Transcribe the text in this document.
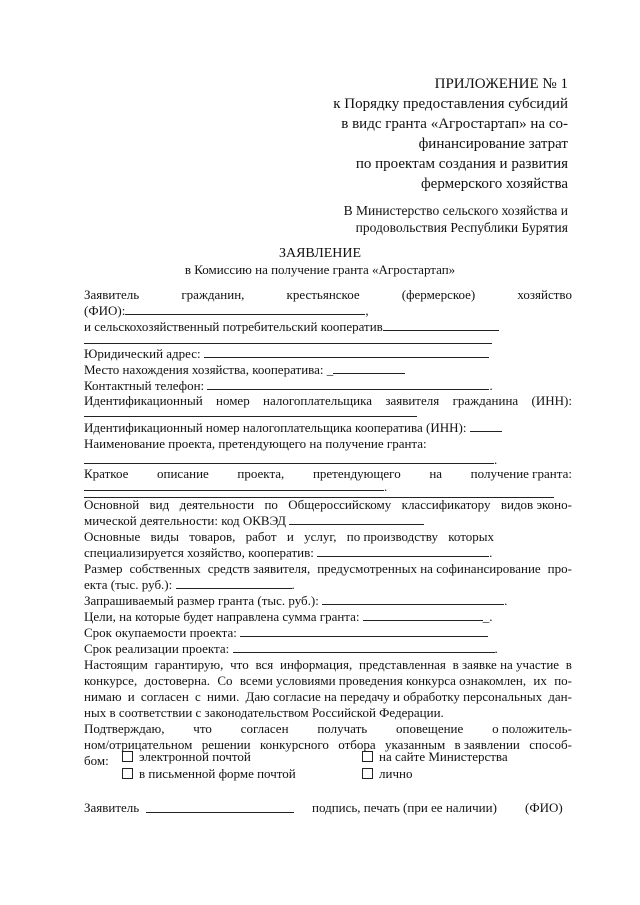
ПРИЛОЖЕНИЕ № 1
к Порядку предоставления субсидий
в видс гранта «Агростартап» на со-
финансирование затрат
по проектам создания и развития
фермерского хозяйства
В Министерство сельского хозяйства и
продовольствия Республики Бурятия
ЗАЯВЛЕНИЕ
в Комиссию на получение гранта «Агростартап»
Заявитель	гражданин,	крестьянское	(фермерское)	хозяйство
(ФИО):	,
и сельскохозяйственный потребительский кооператив
Юридический адрес:
Место нахождения хозяйства, кооператива: _
Контактный телефон:	.
Идентификационный номер налогоплательщика заявителя гражданина (ИНН):
Идентификационный номер налогоплательщика кооператива (ИНН):
Наименование проекта, претендующего на получение гранта:
.
Краткое описание проекта, претендующего на получение гранта:
.
Основной вид деятельности по Общероссийскому классификатору видов эконо-
мической деятельности: код ОКВЭД
Основные виды товаров, работ и услуг, по производству которых
специализируется хозяйство, кооператив:	.
Размер собственных средств заявителя, предусмотренных на софинансирование про-
екта (тыс. руб.):	.
Запрашиваемый размер гранта (тыс. руб.):	.
Цели, на которые будет направлена сумма гранта:	_.
Срок окупаемости проекта:
Срок реализации проекта:	.
Настоящим гарантирую, что вся информация, представленная в заявке на участие в
конкурсе, достоверна. Со всеми условиями проведения конкурса ознакомлен, их по-
нимаю и согласен с ними. Даю согласие на передачу и обработку персональных дан-
ных в соответствии с законодательством Российской Федерации.
Подтверждаю, что согласен получать оповещение о положитель-
ном/отрицательном решении конкурсного отбора указанным в заявлении способ-
бом:	электронной почтой	на сайте Министерства
в письменной форме почтой	лично
Заявитель	подпись, печать (при ее наличии) (ФИО)
